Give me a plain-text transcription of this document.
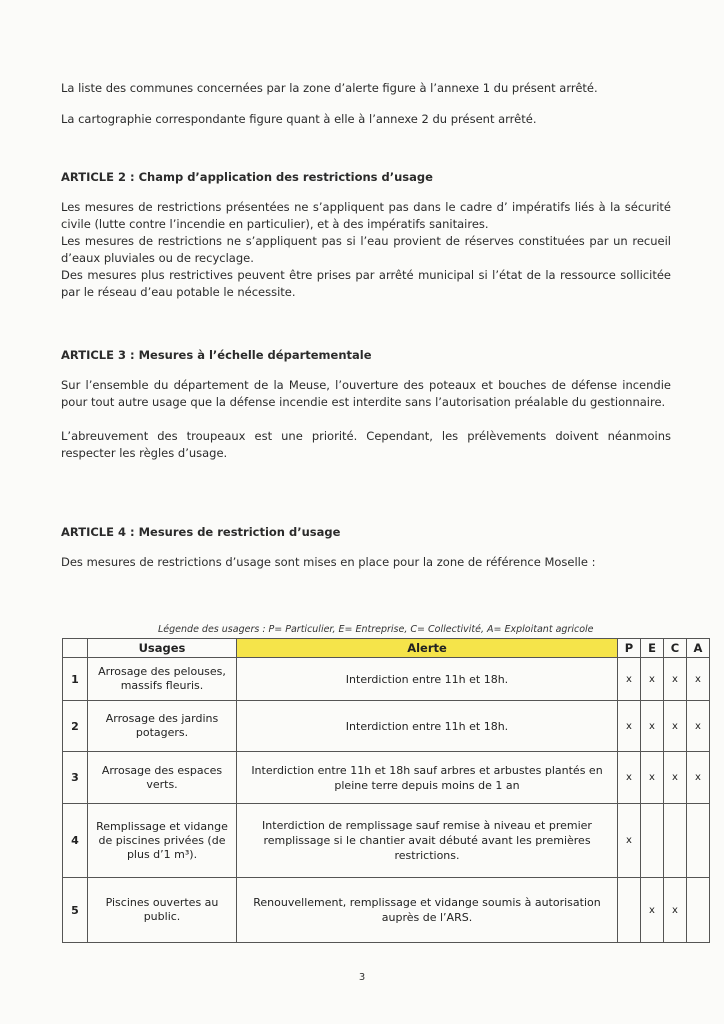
La liste des communes concernées par la zone d’alerte figure à l’annexe 1 du présent arrêté.

La cartographie correspondante figure quant à elle à l’annexe 2 du présent arrêté.

ARTICLE 2 : Champ d’application des restrictions d’usage

Les mesures de restrictions présentées ne s’appliquent pas dans le cadre d’ impératifs liés à la sécurité civile (lutte contre l’incendie en particulier), et à des impératifs sanitaires.

Les mesures de restrictions ne s’appliquent pas si l’eau provient de réserves constituées par un recueil d’eaux pluviales ou de recyclage.

Des mesures plus restrictives peuvent être prises par arrêté municipal si l’état de la ressource sollicitée par le réseau d’eau potable le nécessite.

ARTICLE 3 : Mesures à l’échelle départementale

Sur l’ensemble du département de la Meuse, l’ouverture des poteaux et bouches de défense incendie pour tout autre usage que la défense incendie est interdite sans l’autorisation préalable du gestionnaire.

L’abreuvement des troupeaux est une priorité. Cependant, les prélèvements doivent néanmoins respecter les règles d’usage.

ARTICLE 4 : Mesures de restriction d’usage

Des mesures de restrictions d’usage sont mises en place pour la zone de référence Moselle :

Légende des usagers : P= Particulier, E= Entreprise, C= Collectivité, A= Exploitant agricole
	Usages	Alerte	P	E	C	A
1	Arrosage des pelouses, massifs fleuris.	Interdiction entre 11h et 18h.	x	x	x	x
2	Arrosage des jardins potagers.	Interdiction entre 11h et 18h.	x	x	x	x
3	Arrosage des espaces verts.	Interdiction entre 11h et 18h sauf arbres et arbustes plantés en pleine terre depuis moins de 1 an	x	x	x	x
4	Remplissage et vidange de piscines privées (de plus d’1 m³).	Interdiction de remplissage sauf remise à niveau et premier remplissage si le chantier avait débuté avant les premières restrictions.	x			
5	Piscines ouvertes au public.	Renouvellement, remplissage et vidange soumis à autorisation auprès de l’ARS.		x	x	
3
